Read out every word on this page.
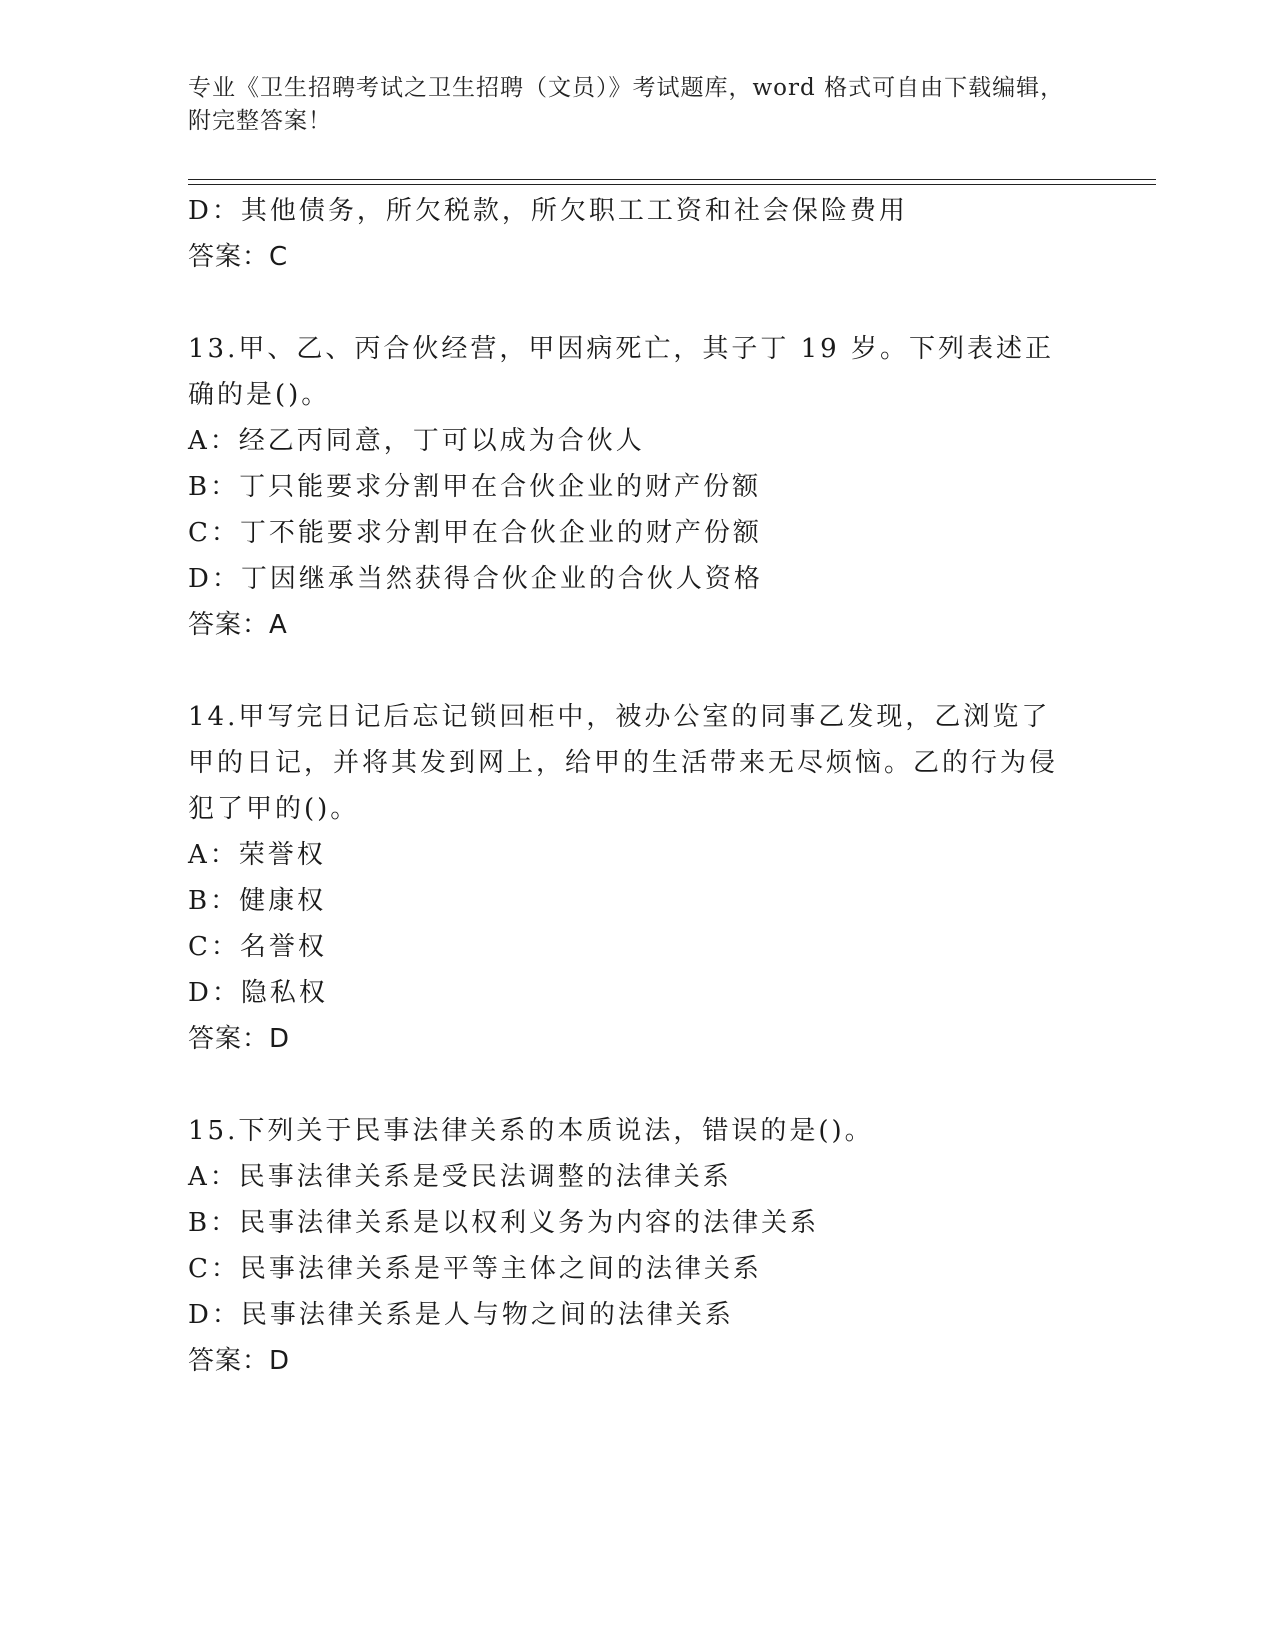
专业《卫生招聘考试之卫生招聘（文员）》考试题库，word 格式可自由下载编辑，附完整答案！
D：其他债务，所欠税款，所欠职工工资和社会保险费用
答案：C
13.甲、乙、丙合伙经营，甲因病死亡，其子丁 19 岁。下列表述正确的是()。
A：经乙丙同意，丁可以成为合伙人
B：丁只能要求分割甲在合伙企业的财产份额
C：丁不能要求分割甲在合伙企业的财产份额
D：丁因继承当然获得合伙企业的合伙人资格
答案：A
14.甲写完日记后忘记锁回柜中，被办公室的同事乙发现，乙浏览了甲的日记，并将其发到网上，给甲的生活带来无尽烦恼。乙的行为侵犯了甲的()。
A：荣誉权
B：健康权
C：名誉权
D：隐私权
答案：D
15.下列关于民事法律关系的本质说法，错误的是()。
A：民事法律关系是受民法调整的法律关系
B：民事法律关系是以权利义务为内容的法律关系
C：民事法律关系是平等主体之间的法律关系
D：民事法律关系是人与物之间的法律关系
答案：D
